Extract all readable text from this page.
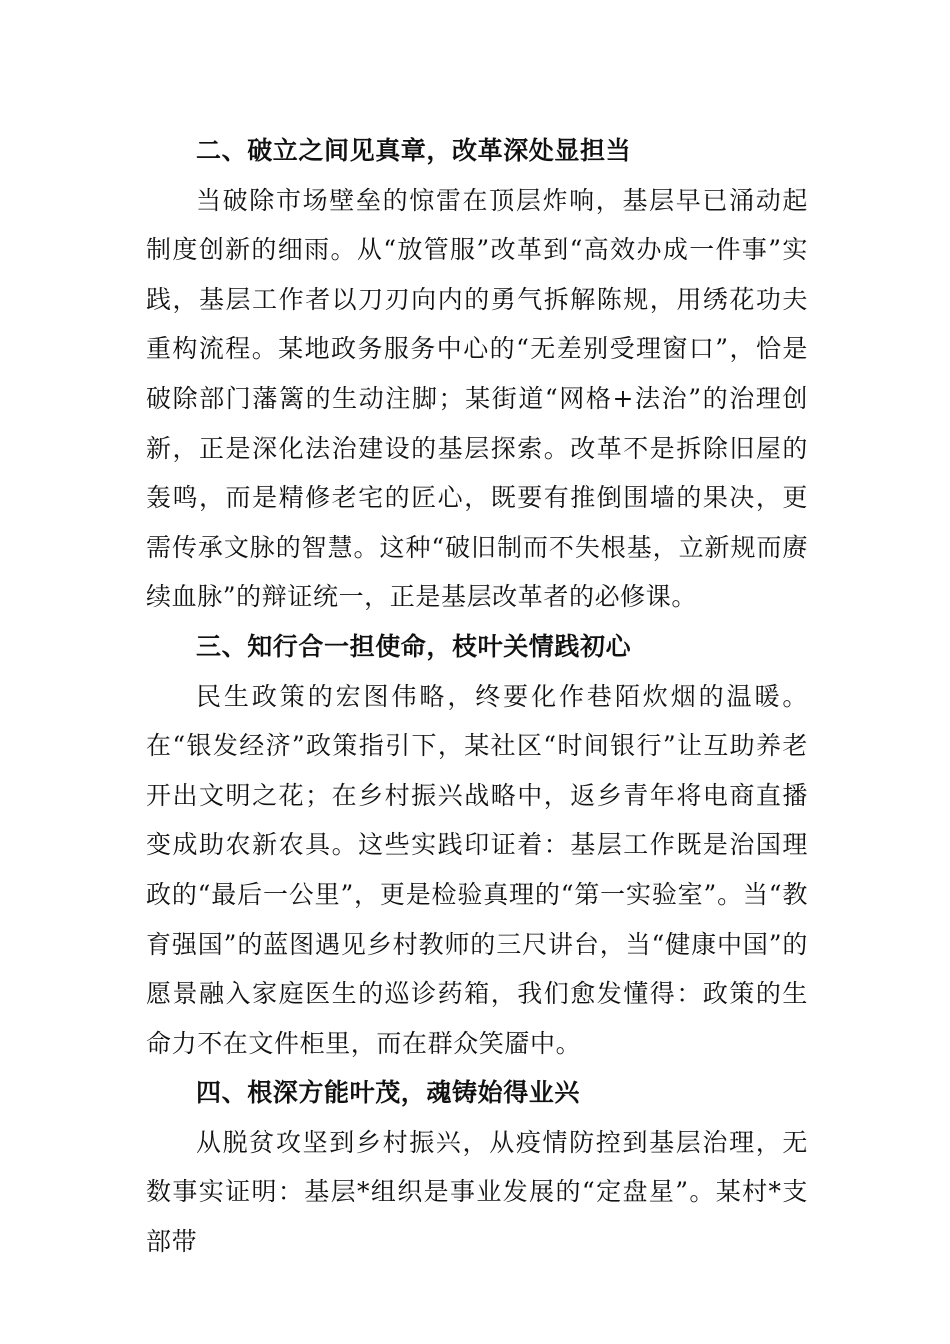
二、破立之间见真章，改革深处显担当

当破除市场壁垒的惊雷在顶层炸响，基层早已涌动起制度创新的细雨。从“放管服”改革到“高效办成一件事”实践，基层工作者以刀刃向内的勇气拆解陈规，用绣花功夫重构流程。某地政务服务中心的“无差别受理窗口”，恰是破除部门藩篱的生动注脚；某街道“网格+法治”的治理创新，正是深化法治建设的基层探索。改革不是拆除旧屋的轰鸣，而是精修老宅的匠心，既要有推倒围墙的果决，更需传承文脉的智慧。这种“破旧制而不失根基，立新规而赓续血脉”的辩证统一，正是基层改革者的必修课。

三、知行合一担使命，枝叶关情践初心

民生政策的宏图伟略，终要化作巷陌炊烟的温暖。在“银发经济”政策指引下，某社区“时间银行”让互助养老开出文明之花；在乡村振兴战略中，返乡青年将电商直播变成助农新农具。这些实践印证着：基层工作既是治国理政的“最后一公里”，更是检验真理的“第一实验室”。当“教育强国”的蓝图遇见乡村教师的三尺讲台，当“健康中国”的愿景融入家庭医生的巡诊药箱，我们愈发懂得：政策的生命力不在文件柜里，而在群众笑靥中。

四、根深方能叶茂，魂铸始得业兴

从脱贫攻坚到乡村振兴，从疫情防控到基层治理，无数事实证明：基层*组织是事业发展的“定盘星”。某村*支部带
